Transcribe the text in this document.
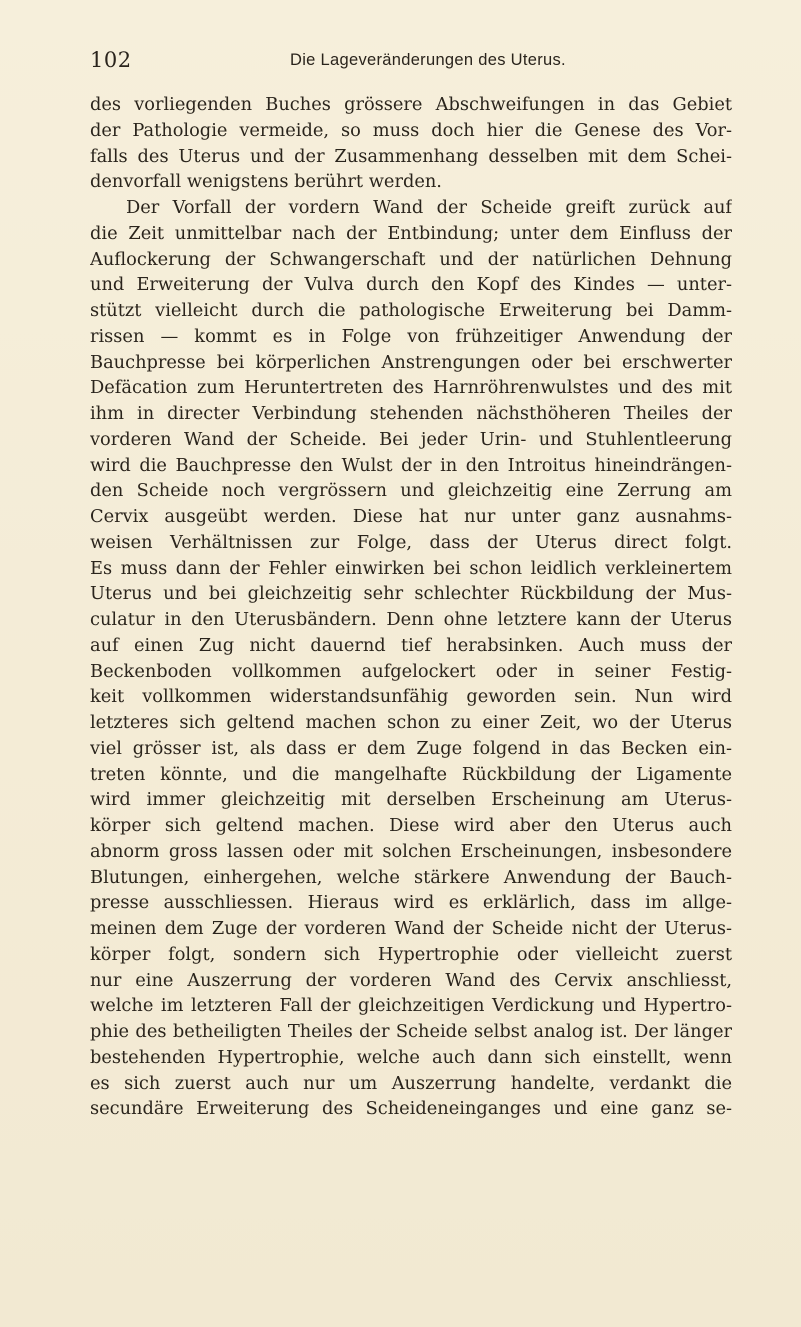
102	Die Lageveränderungen des Uterus.
des vorliegenden Buches grössere Abschweifungen in das Gebiet
der Pathologie vermeide, so muss doch hier die Genese des Vor-
falls des Uterus und der Zusammenhang desselben mit dem Schei-
denvorfall wenigstens berührt werden.
Der Vorfall der vordern Wand der Scheide greift zurück auf
die Zeit unmittelbar nach der Entbindung; unter dem Einfluss der
Auflockerung der Schwangerschaft und der natürlichen Dehnung
und Erweiterung der Vulva durch den Kopf des Kindes — unter-
stützt vielleicht durch die pathologische Erweiterung bei Damm-
rissen — kommt es in Folge von frühzeitiger Anwendung der
Bauchpresse bei körperlichen Anstrengungen oder bei erschwerter
Defäcation zum Heruntertreten des Harnröhrenwulstes und des mit
ihm in directer Verbindung stehenden nächsthöheren Theiles der
vorderen Wand der Scheide. Bei jeder Urin- und Stuhlentleerung
wird die Bauchpresse den Wulst der in den Introitus hineindrängen-
den Scheide noch vergrössern und gleichzeitig eine Zerrung am
Cervix ausgeübt werden. Diese hat nur unter ganz ausnahms-
weisen Verhältnissen zur Folge, dass der Uterus direct folgt.
Es muss dann der Fehler einwirken bei schon leidlich verkleinertem
Uterus und bei gleichzeitig sehr schlechter Rückbildung der Mus-
culatur in den Uterusbändern. Denn ohne letztere kann der Uterus
auf einen Zug nicht dauernd tief herabsinken. Auch muss der
Beckenboden vollkommen aufgelockert oder in seiner Festig-
keit vollkommen widerstandsunfähig geworden sein. Nun wird
letzteres sich geltend machen schon zu einer Zeit, wo der Uterus
viel grösser ist, als dass er dem Zuge folgend in das Becken ein-
treten könnte, und die mangelhafte Rückbildung der Ligamente
wird immer gleichzeitig mit derselben Erscheinung am Uterus-
körper sich geltend machen. Diese wird aber den Uterus auch
abnorm gross lassen oder mit solchen Erscheinungen, insbesondere
Blutungen, einhergehen, welche stärkere Anwendung der Bauch-
presse ausschliessen. Hieraus wird es erklärlich, dass im allge-
meinen dem Zuge der vorderen Wand der Scheide nicht der Uterus-
körper folgt, sondern sich Hypertrophie oder vielleicht zuerst
nur eine Auszerrung der vorderen Wand des Cervix anschliesst,
welche im letzteren Fall der gleichzeitigen Verdickung und Hypertro-
phie des betheiligten Theiles der Scheide selbst analog ist. Der länger
bestehenden Hypertrophie, welche auch dann sich einstellt, wenn
es sich zuerst auch nur um Auszerrung handelte, verdankt die
secundäre Erweiterung des Scheideneinganges und eine ganz se-
